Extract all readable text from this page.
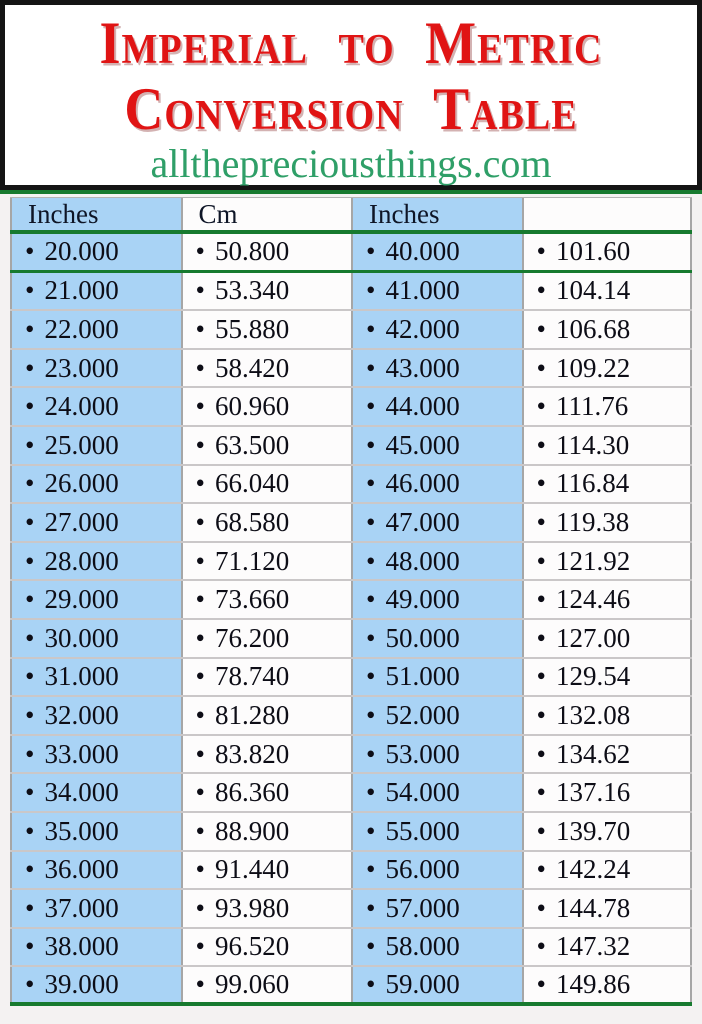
Imperial to Metric
Conversion Table
allthepreciousthings.com
Inches	Cm	Inches
• 20.000	• 50.800	• 40.000	• 101.60
• 21.000	• 53.340	• 41.000	• 104.14
• 22.000	• 55.880	• 42.000	• 106.68
• 23.000	• 58.420	• 43.000	• 109.22
• 24.000	• 60.960	• 44.000	• 111.76
• 25.000	• 63.500	• 45.000	• 114.30
• 26.000	• 66.040	• 46.000	• 116.84
• 27.000	• 68.580	• 47.000	• 119.38
• 28.000	• 71.120	• 48.000	• 121.92
• 29.000	• 73.660	• 49.000	• 124.46
• 30.000	• 76.200	• 50.000	• 127.00
• 31.000	• 78.740	• 51.000	• 129.54
• 32.000	• 81.280	• 52.000	• 132.08
• 33.000	• 83.820	• 53.000	• 134.62
• 34.000	• 86.360	• 54.000	• 137.16
• 35.000	• 88.900	• 55.000	• 139.70
• 36.000	• 91.440	• 56.000	• 142.24
• 37.000	• 93.980	• 57.000	• 144.78
• 38.000	• 96.520	• 58.000	• 147.32
• 39.000	• 99.060	• 59.000	• 149.86
